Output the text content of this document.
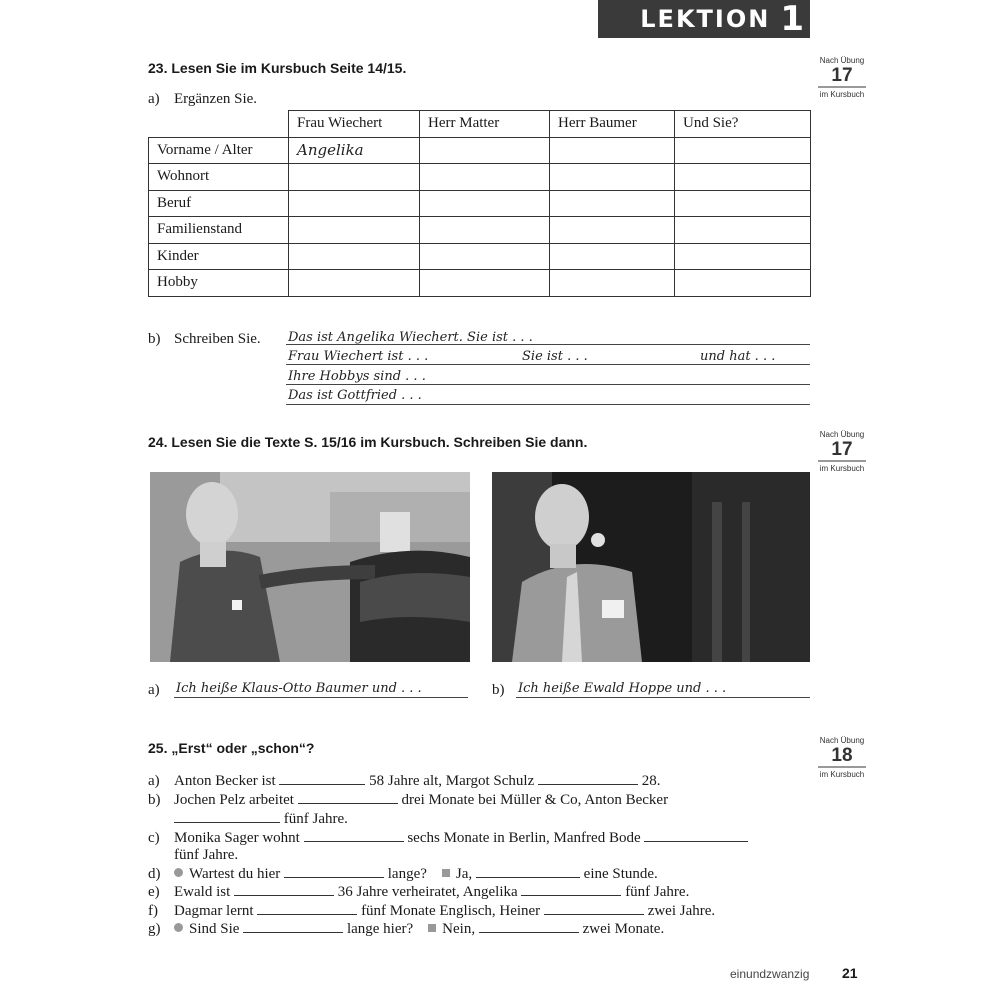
LEKTION 1
Nach Übung
17
im Kursbuch
Nach Übung
17
im Kursbuch
Nach Übung
18
im Kursbuch
23. Lesen Sie im Kursbuch Seite 14/15.
a) Ergänzen Sie.
	Frau Wiechert	Herr Matter	Herr Baumer	Und Sie?
Vorname / Alter	Angelika			
Wohnort				
Beruf				
Familienstand				
Kinder				
Hobby				
b) Schreiben Sie. Das ist Angelika Wiechert. Sie ist . . .
Frau Wiechert ist . . .	Sie ist . . .	und hat . . .
Ihre Hobbys sind . . .
Das ist Gottfried . . .
24. Lesen Sie die Texte S. 15/16 im Kursbuch. Schreiben Sie dann.
a) Ich heiße Klaus-Otto Baumer und . . .	b) Ich heiße Ewald Hoppe und . . .
25. „Erst“ oder „schon“?
a) Anton Becker ist	58 Jahre alt, Margot Schulz	28.
b) Jochen Pelz arbeitet	drei Monate bei Müller & Co, Anton Becker
fünf Jahre.
c) Monika Sager wohnt	sechs Monate in Berlin, Manfred Bode
fünf Jahre.
d) Wartest du hier	lange? Ja,	eine Stunde.
e) Ewald ist	36 Jahre verheiratet, Angelika	fünf Jahre.
f) Dagmar lernt	fünf Monate Englisch, Heiner	zwei Jahre.
g) Sind Sie	lange hier? Nein,	zwei Monate.
einundzwanzig 21
